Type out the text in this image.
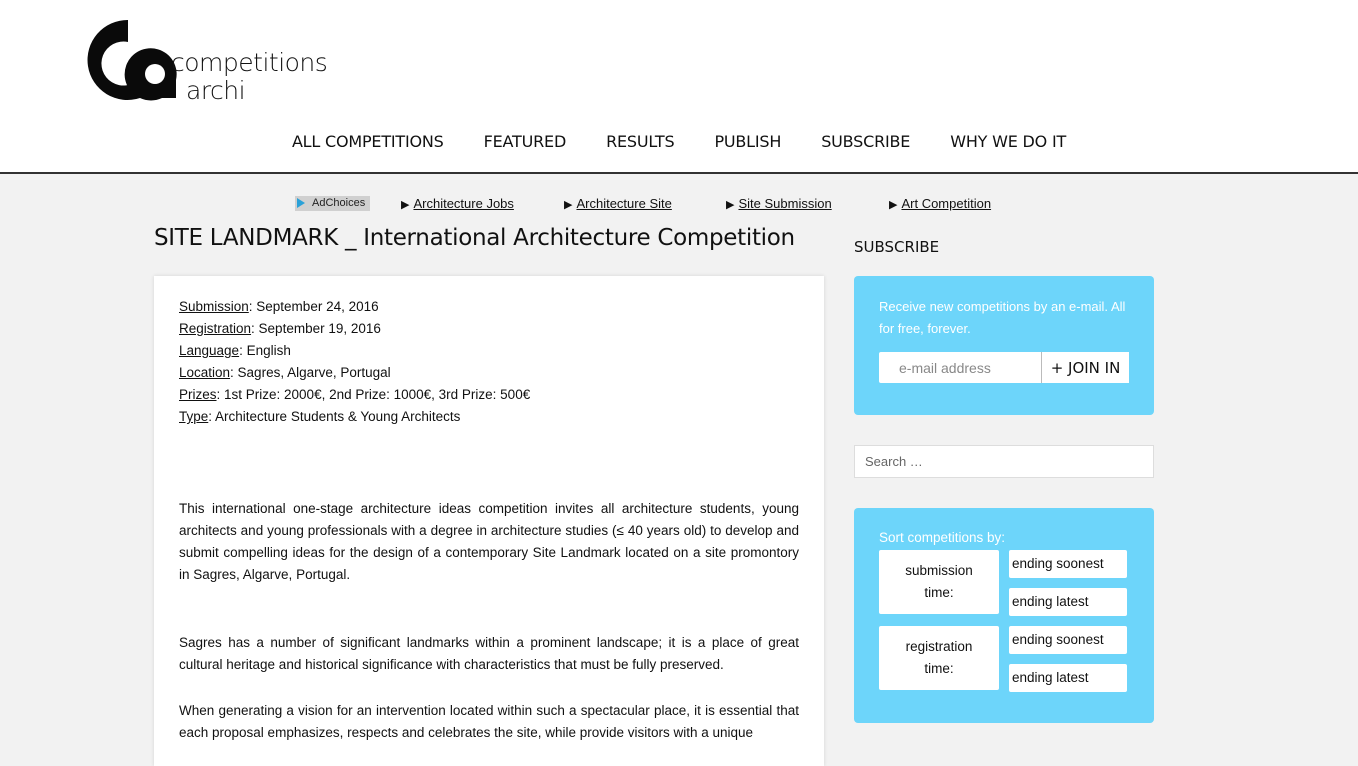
competitions
archi
ALL COMPETITIONS	FEATURED	RESULTS	PUBLISH	SUBSCRIBE	WHY WE DO IT
AdChoices	▶ Architecture Jobs	▶ Architecture Site	▶ Site Submission	▶ Art Competition
SITE LANDMARK _ International Architecture Competition
Submission: September 24, 2016
Registration: September 19, 2016
Language: English
Location: Sagres, Algarve, Portugal
Prizes: 1st Prize: 2000€, 2nd Prize: 1000€, 3rd Prize: 500€
Type: Architecture Students & Young Architects

This international one-stage architecture ideas competition invites all architecture students, young architects and young professionals with a degree in architecture studies (≤ 40 years old) to develop and submit compelling ideas for the design of a contemporary Site Landmark located on a site promontory in Sagres, Algarve, Portugal.

Sagres has a number of significant landmarks within a prominent landscape; it is a place of great cultural heritage and historical significance with characteristics that must be fully preserved.

When generating a vision for an intervention located within such a spectacular place, it is essential that each proposal emphasizes, respects and celebrates the site, while provide visitors with a unique

SUBSCRIBE

Receive new competitions by an e-mail. All for free, forever.

e-mail address
+ JOIN IN
Search …
Sort competitions by:
submission
time:
ending soonest
ending latest
registration
time:
ending soonest
ending latest
